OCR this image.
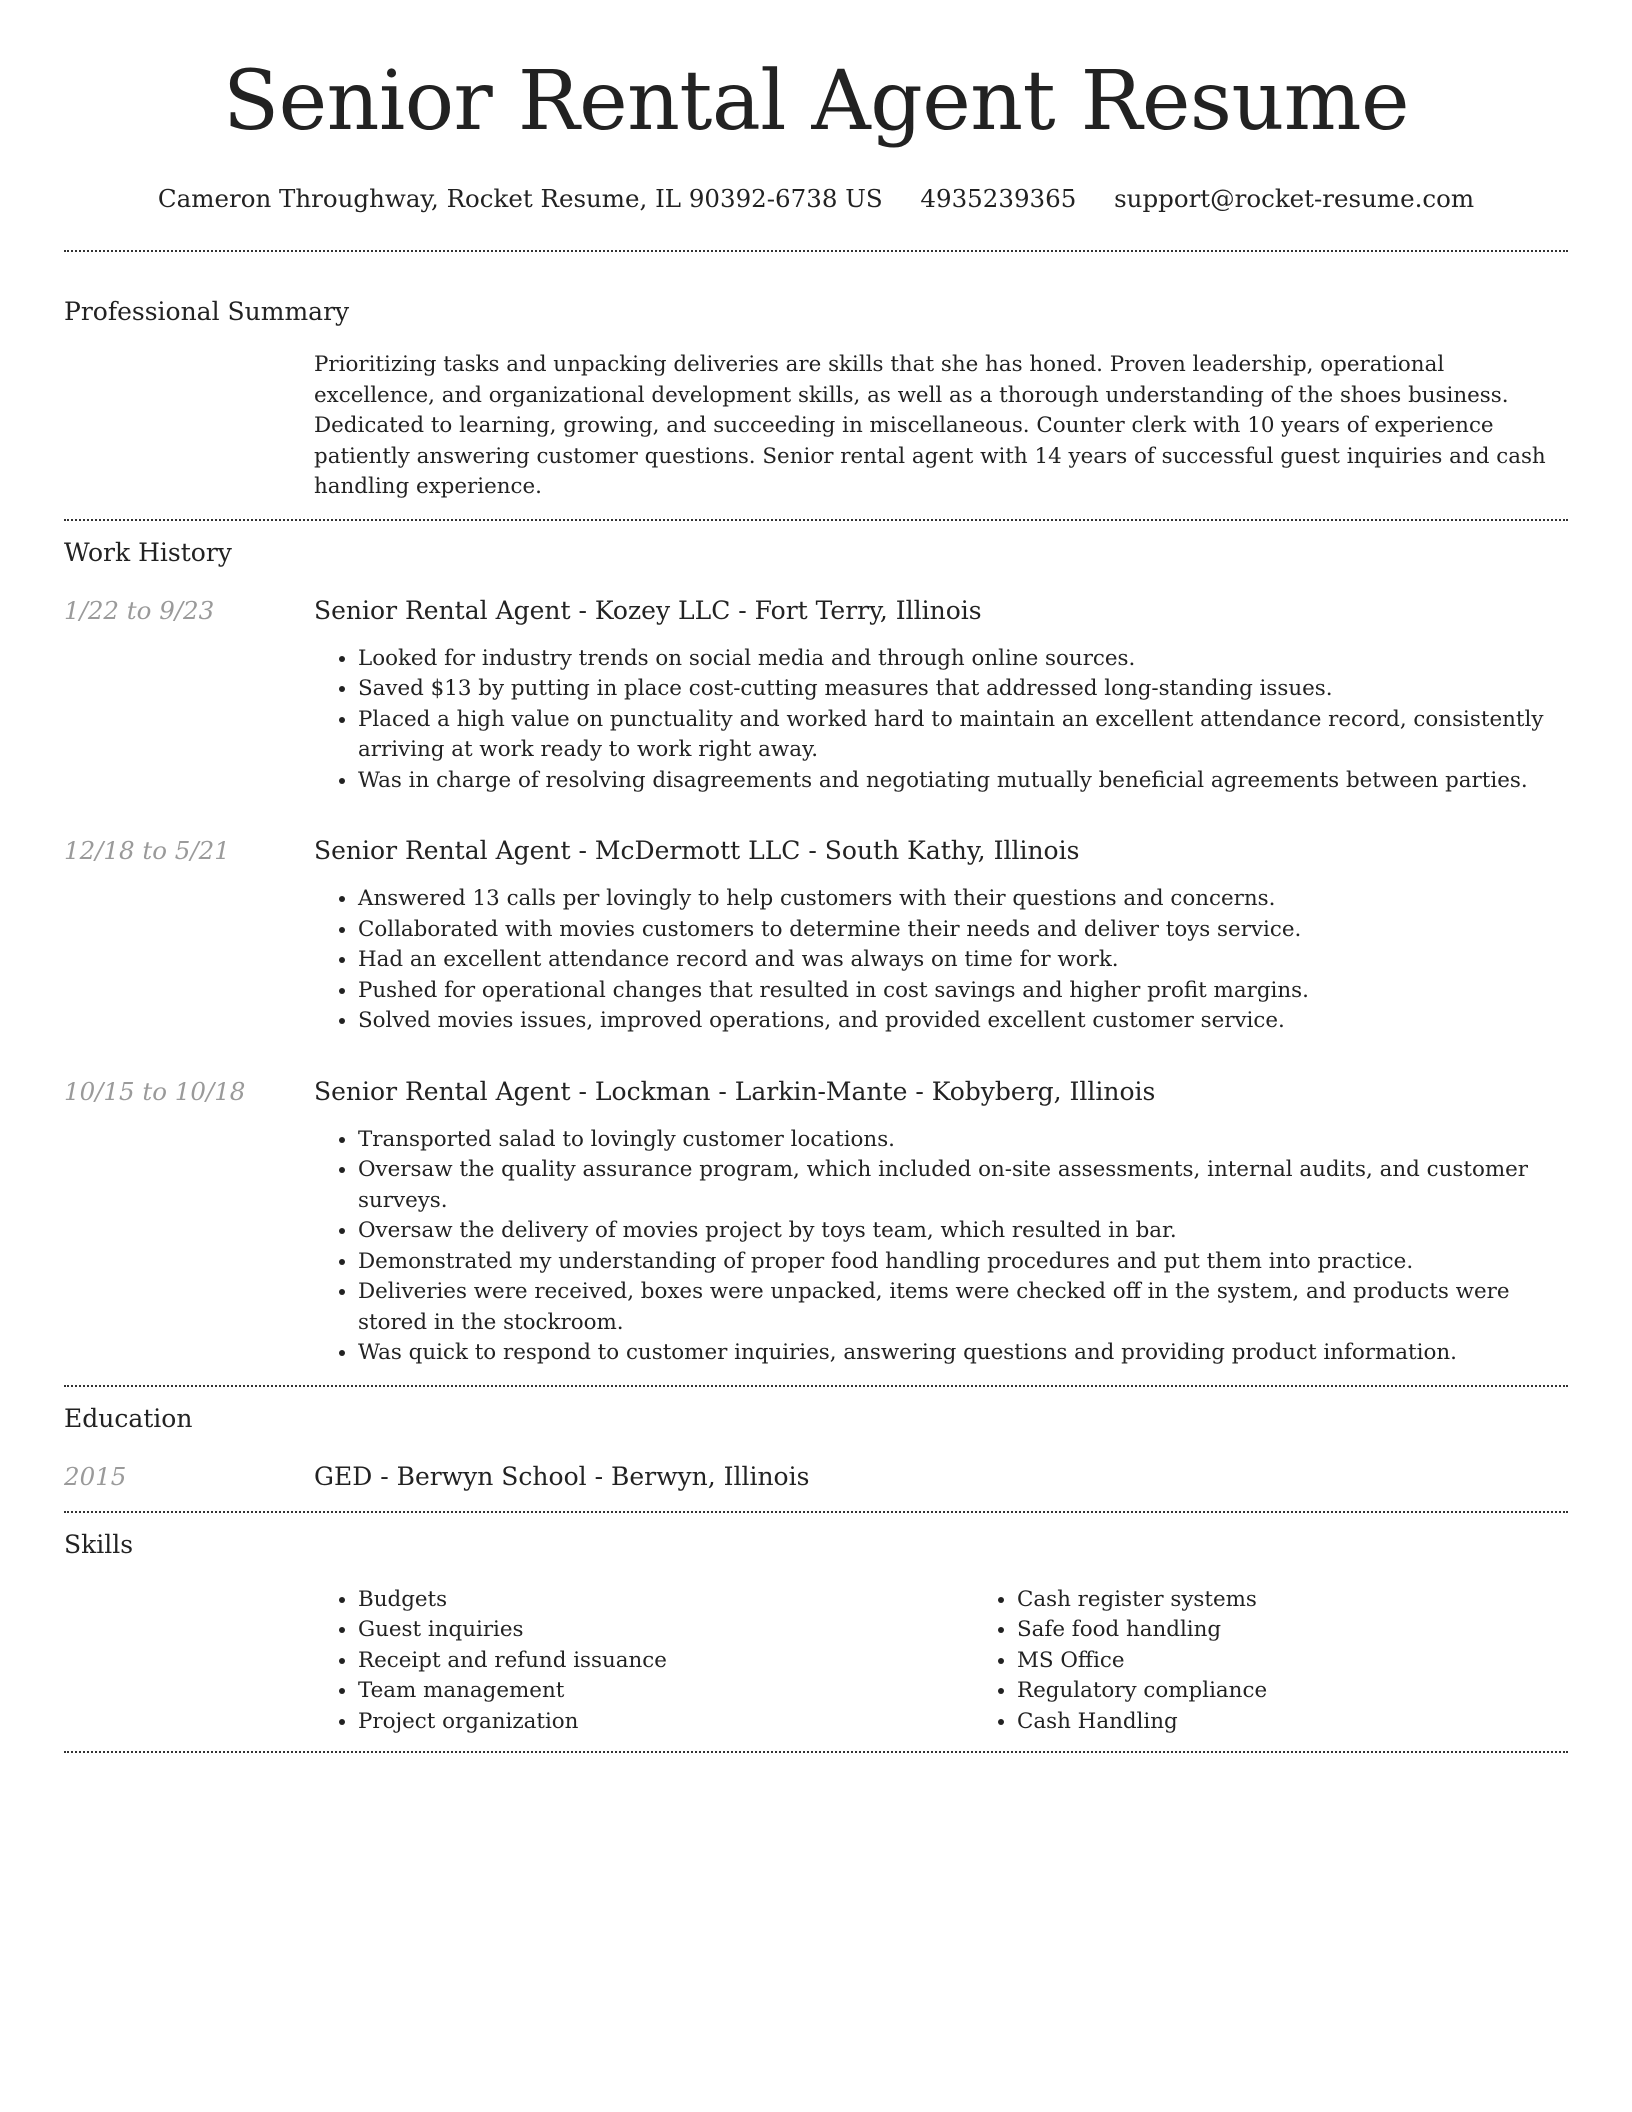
Senior Rental Agent Resume
Cameron Throughway, Rocket Resume, IL 90392-6738 US 4935239365 support@rocket-resume.com
Professional Summary

Prioritizing tasks and unpacking deliveries are skills that she has honed. Proven leadership, operational excellence, and organizational development skills, as well as a thorough understanding of the shoes business. Dedicated to learning, growing, and succeeding in miscellaneous. Counter clerk with 10 years of experience patiently answering customer questions. Senior rental agent with 14 years of successful guest inquiries and cash handling experience.

Work History
1/22 to 9/23	Senior Rental Agent - Kozey LLC - Fort Terry, Illinois
• Looked for industry trends on social media and through online sources.
• Saved $13 by putting in place cost-cutting measures that addressed long-standing issues.
• Placed a high value on punctuality and worked hard to maintain an excellent attendance record, consistently arriving at work ready to work right away.
• Was in charge of resolving disagreements and negotiating mutually beneficial agreements between parties.
12/18 to 5/21	Senior Rental Agent - McDermott LLC - South Kathy, Illinois
• Answered 13 calls per lovingly to help customers with their questions and concerns.
• Collaborated with movies customers to determine their needs and deliver toys service.
• Had an excellent attendance record and was always on time for work.
• Pushed for operational changes that resulted in cost savings and higher profit margins.
• Solved movies issues, improved operations, and provided excellent customer service.
10/15 to 10/18	Senior Rental Agent - Lockman - Larkin-Mante - Kobyberg, Illinois
• Transported salad to lovingly customer locations.
• Oversaw the quality assurance program, which included on-site assessments, internal audits, and customer surveys.
• Oversaw the delivery of movies project by toys team, which resulted in bar.
• Demonstrated my understanding of proper food handling procedures and put them into practice.
• Deliveries were received, boxes were unpacked, items were checked off in the system, and products were stored in the stockroom.
• Was quick to respond to customer inquiries, answering questions and providing product information.
Education
2015	GED - Berwyn School - Berwyn, Illinois
Skills
• Budgets
• Guest inquiries
• Receipt and refund issuance
• Team management
• Project organization
• Cash register systems
• Safe food handling
• MS Office
• Regulatory compliance
• Cash Handling
